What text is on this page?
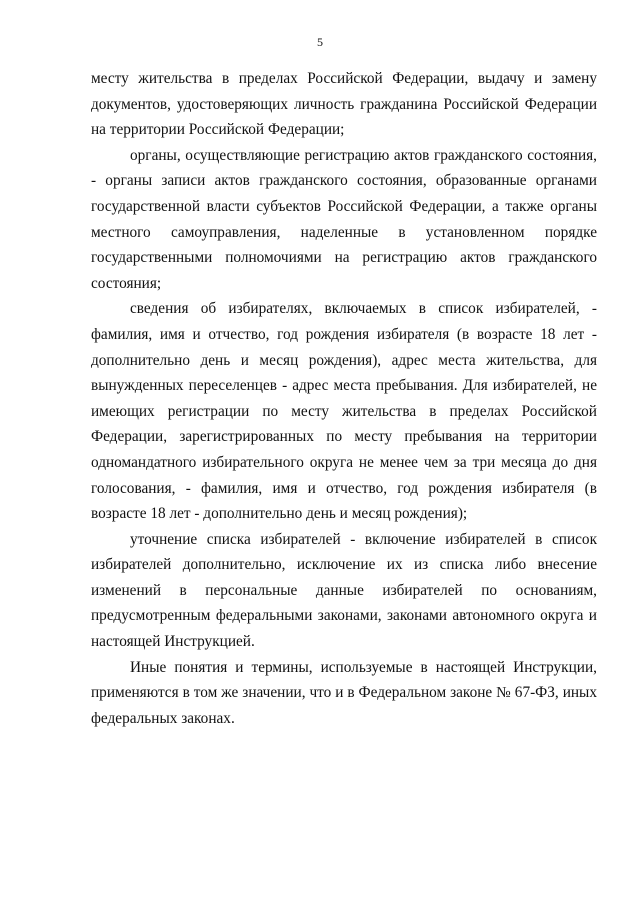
5

месту жительства в пределах Российской Федерации, выдачу и замену документов, удостоверяющих личность гражданина Российской Федерации на территории Российской Федерации;

органы, осуществляющие регистрацию актов гражданского состояния, - органы записи актов гражданского состояния, образованные органами государственной власти субъектов Российской Федерации, а также органы местного самоуправления, наделенные в установленном порядке государственными полномочиями на регистрацию актов гражданского состояния;

сведения об избирателях, включаемых в список избирателей, - фамилия, имя и отчество, год рождения избирателя (в возрасте 18 лет - дополнительно день и месяц рождения), адрес места жительства, для вынужденных переселенцев - адрес места пребывания. Для избирателей, не имеющих регистрации по месту жительства в пределах Российской Федерации, зарегистрированных по месту пребывания на территории одномандатного избирательного округа не менее чем за три месяца до дня голосования, - фамилия, имя и отчество, год рождения избирателя (в возрасте 18 лет - дополнительно день и месяц рождения);

уточнение списка избирателей - включение избирателей в список избирателей дополнительно, исключение их из списка либо внесение изменений в персональные данные избирателей по основаниям, предусмотренным федеральными законами, законами автономного округа и настоящей Инструкцией.

Иные понятия и термины, используемые в настоящей Инструкции, применяются в том же значении, что и в Федеральном законе № 67-ФЗ, иных федеральных законах.
